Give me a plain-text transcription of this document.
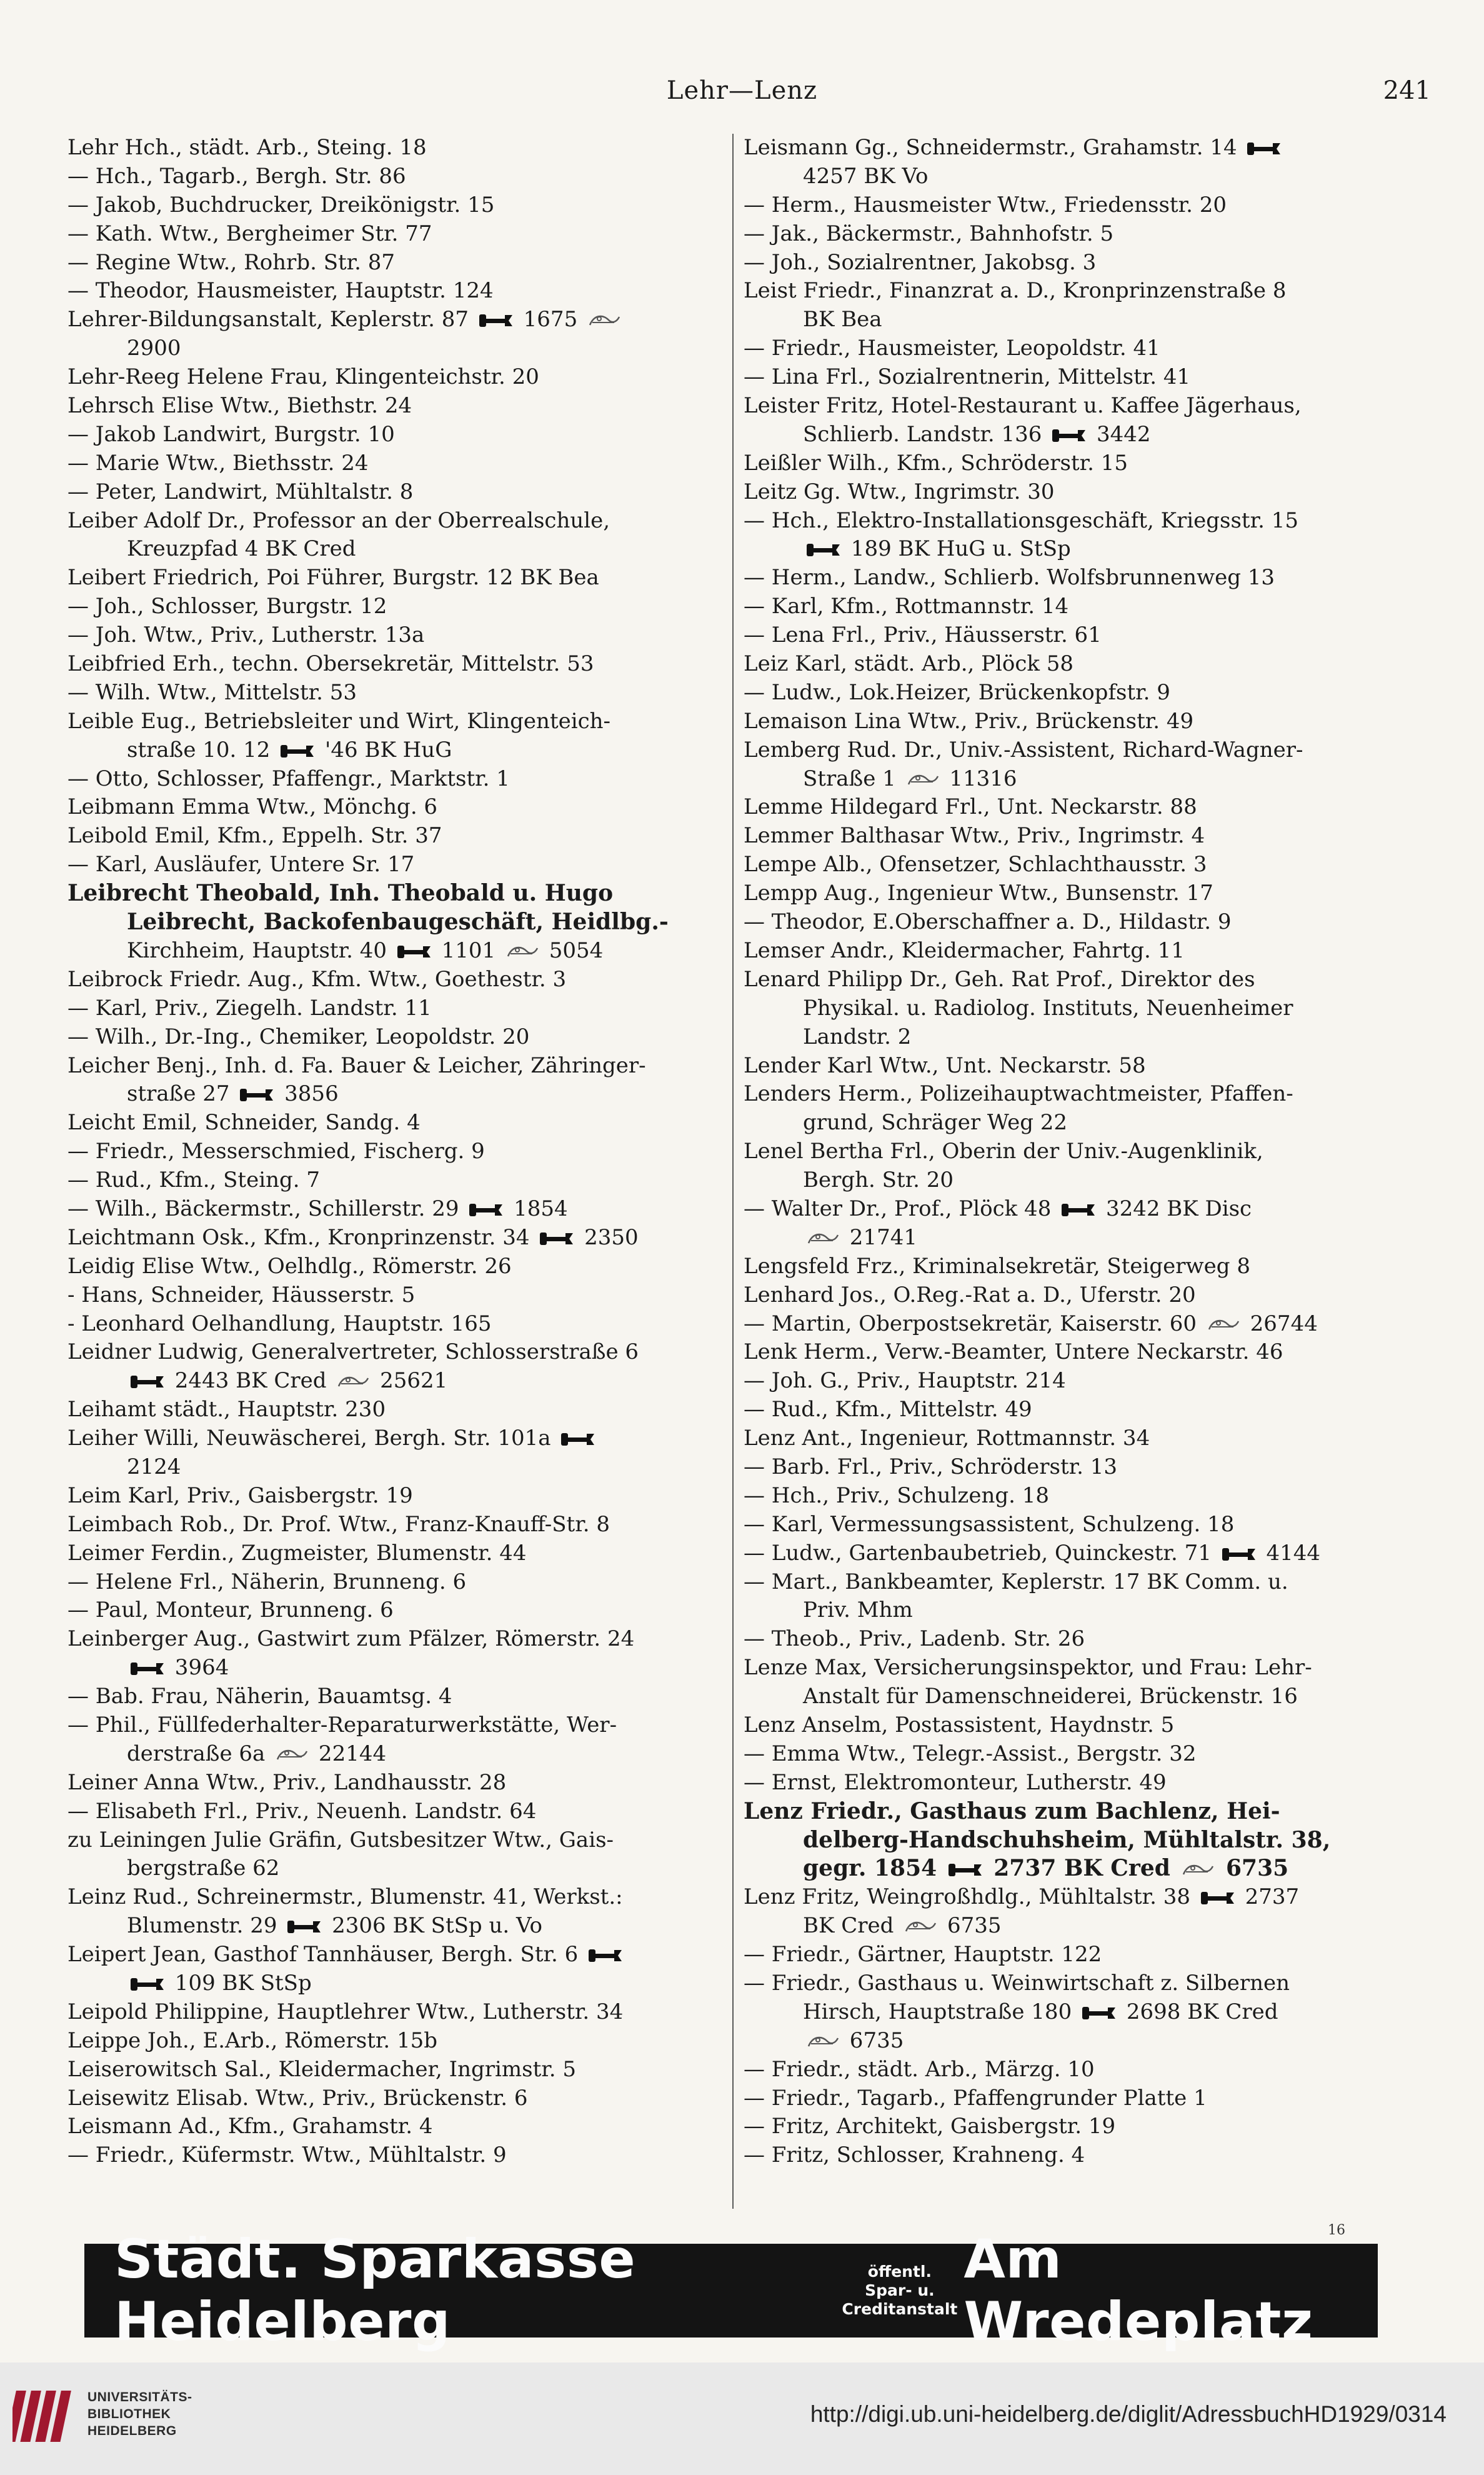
Lehr—Lenz	241
Lehr Hch., städt. Arb., Steing. 18
— Hch., Tagarb., Bergh. Str. 86
— Jakob, Buchdrucker, Dreikönigstr. 15
— Kath. Wtw., Bergheimer Str. 77
— Regine Wtw., Rohrb. Str. 87
— Theodor, Hausmeister, Hauptstr. 124
Lehrer-Bildungsanstalt, Keplerstr. 87  1675
2900
Lehr-Reeg Helene Frau, Klingenteichstr. 20
Lehrsch Elise Wtw., Biethstr. 24
— Jakob Landwirt, Burgstr. 10
— Marie Wtw., Biethsstr. 24
— Peter, Landwirt, Mühltalstr. 8
Leiber Adolf Dr., Professor an der Oberrealschule,
Kreuzpfad 4 BK Cred
Leibert Friedrich, Poi Führer, Burgstr. 12 BK Bea
— Joh., Schlosser, Burgstr. 12
— Joh. Wtw., Priv., Lutherstr. 13a
Leibfried Erh., techn. Obersekretär, Mittelstr. 53
— Wilh. Wtw., Mittelstr. 53
Leible Eug., Betriebsleiter und Wirt, Klingenteich-
straße 10. 12  '46 BK HuG
— Otto, Schlosser, Pfaffengr., Marktstr. 1
Leibmann Emma Wtw., Mönchg. 6
Leibold Emil, Kfm., Eppelh. Str. 37
— Karl, Ausläufer, Untere Sr. 17
Leibrecht Theobald, Inh. Theobald u. Hugo
Leibrecht, Backofenbaugeschäft, Heidlbg.-
Kirchheim, Hauptstr. 40  1101  5054
Leibrock Friedr. Aug., Kfm. Wtw., Goethestr. 3
— Karl, Priv., Ziegelh. Landstr. 11
— Wilh., Dr.-Ing., Chemiker, Leopoldstr. 20
Leicher Benj., Inh. d. Fa. Bauer & Leicher, Zähringer-
straße 27  3856
Leicht Emil, Schneider, Sandg. 4
— Friedr., Messerschmied, Fischerg. 9
— Rud., Kfm., Steing. 7
— Wilh., Bäckermstr., Schillerstr. 29  1854
Leichtmann Osk., Kfm., Kronprinzenstr. 34  2350
Leidig Elise Wtw., Oelhdlg., Römerstr. 26
- Hans, Schneider, Häusserstr. 5
- Leonhard Oelhandlung, Hauptstr. 165
Leidner Ludwig, Generalvertreter, Schlosserstraße 6
2443 BK Cred  25621
Leihamt städt., Hauptstr. 230
Leiher Willi, Neuwäscherei, Bergh. Str. 101a
2124
Leim Karl, Priv., Gaisbergstr. 19
Leimbach Rob., Dr. Prof. Wtw., Franz-Knauff-Str. 8
Leimer Ferdin., Zugmeister, Blumenstr. 44
— Helene Frl., Näherin, Brunneng. 6
— Paul, Monteur, Brunneng. 6
Leinberger Aug., Gastwirt zum Pfälzer, Römerstr. 24
3964
— Bab. Frau, Näherin, Bauamtsg. 4
— Phil., Füllfederhalter-Reparaturwerkstätte, Wer-
derstraße 6a  22144
Leiner Anna Wtw., Priv., Landhausstr. 28
— Elisabeth Frl., Priv., Neuenh. Landstr. 64
zu Leiningen Julie Gräfin, Gutsbesitzer Wtw., Gais-
bergstraße 62
Leinz Rud., Schreinermstr., Blumenstr. 41, Werkst.:
Blumenstr. 29  2306 BK StSp u. Vo
Leipert Jean, Gasthof Tannhäuser, Bergh. Str. 6
109 BK StSp
Leipold Philippine, Hauptlehrer Wtw., Lutherstr. 34
Leippe Joh., E.Arb., Römerstr. 15b
Leiserowitsch Sal., Kleidermacher, Ingrimstr. 5
Leisewitz Elisab. Wtw., Priv., Brückenstr. 6
Leismann Ad., Kfm., Grahamstr. 4
— Friedr., Küfermstr. Wtw., Mühltalstr. 9
Leismann Gg., Schneidermstr., Grahamstr. 14
4257 BK Vo
— Herm., Hausmeister Wtw., Friedensstr. 20
— Jak., Bäckermstr., Bahnhofstr. 5
— Joh., Sozialrentner, Jakobsg. 3
Leist Friedr., Finanzrat a. D., Kronprinzenstraße 8
BK Bea
— Friedr., Hausmeister, Leopoldstr. 41
— Lina Frl., Sozialrentnerin, Mittelstr. 41
Leister Fritz, Hotel-Restaurant u. Kaffee Jägerhaus,
Schlierb. Landstr. 136  3442
Leißler Wilh., Kfm., Schröderstr. 15
Leitz Gg. Wtw., Ingrimstr. 30
— Hch., Elektro-Installationsgeschäft, Kriegsstr. 15
189 BK HuG u. StSp
— Herm., Landw., Schlierb. Wolfsbrunnenweg 13
— Karl, Kfm., Rottmannstr. 14
— Lena Frl., Priv., Häusserstr. 61
Leiz Karl, städt. Arb., Plöck 58
— Ludw., Lok.Heizer, Brückenkopfstr. 9
Lemaison Lina Wtw., Priv., Brückenstr. 49
Lemberg Rud. Dr., Univ.-Assistent, Richard-Wagner-
Straße 1  11316
Lemme Hildegard Frl., Unt. Neckarstr. 88
Lemmer Balthasar Wtw., Priv., Ingrimstr. 4
Lempe Alb., Ofensetzer, Schlachthausstr. 3
Lempp Aug., Ingenieur Wtw., Bunsenstr. 17
— Theodor, E.Oberschaffner a. D., Hildastr. 9
Lemser Andr., Kleidermacher, Fahrtg. 11
Lenard Philipp Dr., Geh. Rat Prof., Direktor des
Physikal. u. Radiolog. Instituts, Neuenheimer
Landstr. 2
Lender Karl Wtw., Unt. Neckarstr. 58
Lenders Herm., Polizeihauptwachtmeister, Pfaffen-
grund, Schräger Weg 22
Lenel Bertha Frl., Oberin der Univ.-Augenklinik,
Bergh. Str. 20
— Walter Dr., Prof., Plöck 48  3242 BK Disc
21741
Lengsfeld Frz., Kriminalsekretär, Steigerweg 8
Lenhard Jos., O.Reg.-Rat a. D., Uferstr. 20
— Martin, Oberpostsekretär, Kaiserstr. 60  26744
Lenk Herm., Verw.-Beamter, Untere Neckarstr. 46
— Joh. G., Priv., Hauptstr. 214
— Rud., Kfm., Mittelstr. 49
Lenz Ant., Ingenieur, Rottmannstr. 34
— Barb. Frl., Priv., Schröderstr. 13
— Hch., Priv., Schulzeng. 18
— Karl, Vermessungsassistent, Schulzeng. 18
— Ludw., Gartenbaubetrieb, Quinckestr. 71  4144
— Mart., Bankbeamter, Keplerstr. 17 BK Comm. u.
Priv. Mhm
— Theob., Priv., Ladenb. Str. 26
Lenze Max, Versicherungsinspektor, und Frau: Lehr-
Anstalt für Damenschneiderei, Brückenstr. 16
Lenz Anselm, Postassistent, Haydnstr. 5
— Emma Wtw., Telegr.-Assist., Bergstr. 32
— Ernst, Elektromonteur, Lutherstr. 49
Lenz Friedr., Gasthaus zum Bachlenz, Hei-
delberg-Handschuhsheim, Mühltalstr. 38,
gegr. 1854  2737 BK Cred  6735
Lenz Fritz, Weingroßhdlg., Mühltalstr. 38  2737
BK Cred  6735
— Friedr., Gärtner, Hauptstr. 122
— Friedr., Gasthaus u. Weinwirtschaft z. Silbernen
Hirsch, Hauptstraße 180  2698 BK Cred
6735
— Friedr., städt. Arb., Märzg. 10
— Friedr., Tagarb., Pfaffengrunder Platte 1
— Fritz, Architekt, Gaisbergstr. 19
— Fritz, Schlosser, Krahneng. 4
16
Städt. Sparkasse Heidelberg
öffentl. Spar- u.
Creditanstalt
Am Wredeplatz
UNIVERSITÄTS-
BIBLIOTHEK
HEIDELBERG
http://digi.ub.uni-heidelberg.de/diglit/AdressbuchHD1929/0314
